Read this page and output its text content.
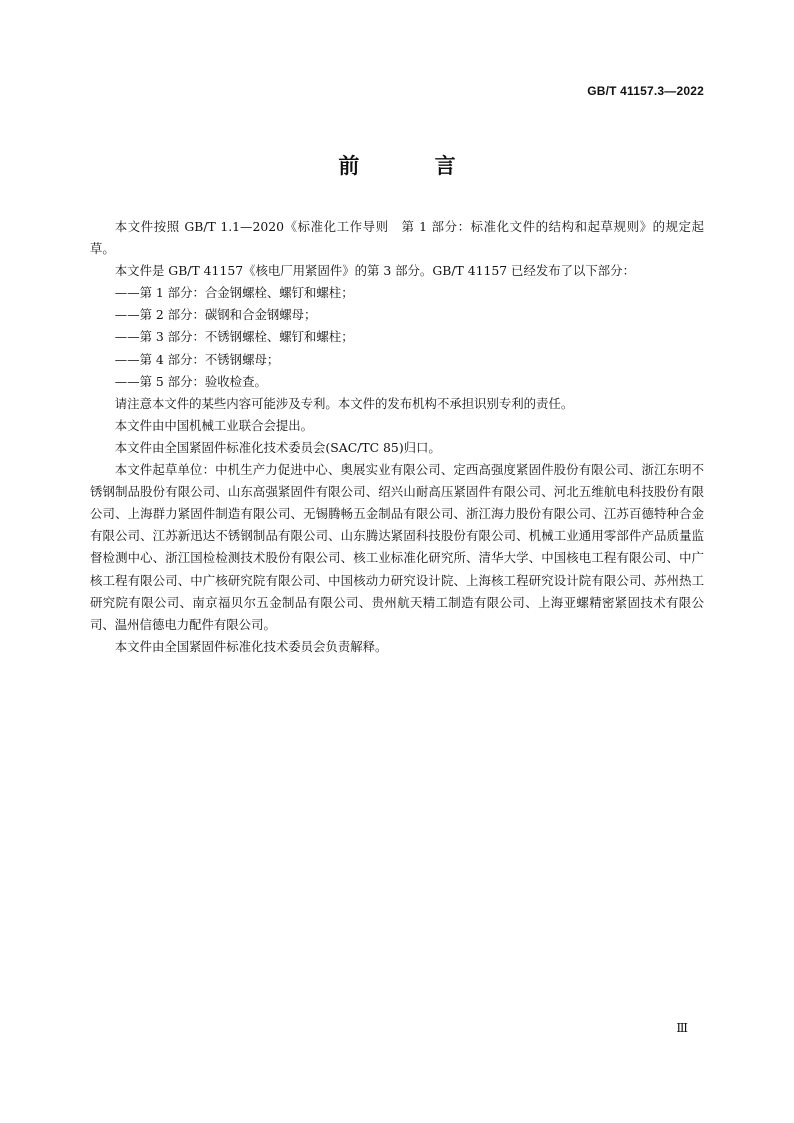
GB/T 41157.3—2022
前 言

本文件按照 GB/T 1.1—2020《标准化工作导则　第 1 部分：标准化文件的结构和起草规则》的规定起草。

本文件是 GB/T 41157《核电厂用紧固件》的第 3 部分。GB/T 41157 已经发布了以下部分：

——第 1 部分：合金钢螺栓、螺钉和螺柱；

——第 2 部分：碳钢和合金钢螺母；

——第 3 部分：不锈钢螺栓、螺钉和螺柱；

——第 4 部分：不锈钢螺母；

——第 5 部分：验收检查。

请注意本文件的某些内容可能涉及专利。本文件的发布机构不承担识别专利的责任。

本文件由中国机械工业联合会提出。

本文件由全国紧固件标准化技术委员会(SAC/TC 85)归口。

本文件起草单位：中机生产力促进中心、奥展实业有限公司、定西高强度紧固件股份有限公司、浙江东明不锈钢制品股份有限公司、山东高强紧固件有限公司、绍兴山耐高压紧固件有限公司、河北五维航电科技股份有限公司、上海群力紧固件制造有限公司、无锡腾畅五金制品有限公司、浙江海力股份有限公司、江苏百德特种合金有限公司、江苏新迅达不锈钢制品有限公司、山东腾达紧固科技股份有限公司、机械工业通用零部件产品质量监督检测中心、浙江国检检测技术股份有限公司、核工业标准化研究所、清华大学、中国核电工程有限公司、中广核工程有限公司、中广核研究院有限公司、中国核动力研究设计院、上海核工程研究设计院有限公司、苏州热工研究院有限公司、南京福贝尔五金制品有限公司、贵州航天精工制造有限公司、上海亚螺精密紧固技术有限公司、温州信德电力配件有限公司。

本文件由全国紧固件标准化技术委员会负责解释。

Ⅲ
